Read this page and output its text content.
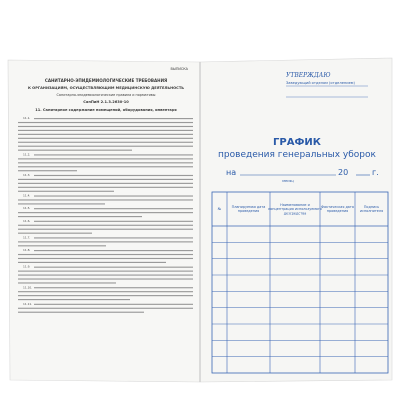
ВЫПИСКА
САНИТАРНО-ЭПИДЕМИОЛОГИЧЕСКИЕ ТРЕБОВАНИЯ
К ОРГАНИЗАЦИЯМ, ОСУЩЕСТВЛЯЮЩИМ МЕДИЦИНСКУЮ ДЕЯТЕЛЬНОСТЬ
Санитарно-эпидемиологические правила и нормативы
СанПиН 2.1.3.2630-10
11. Санитарное содержание помещений, оборудования, инвентаря
11.1.
11.2.
11.3.
11.4.
11.5.
11.6.
11.7.
11.8.
11.9.
11.10.
11.11.
УТВЕРЖДАЮ
Заведующий отделом (отделением)
ГРАФИК
проведения генеральных уборок
на
месяц
20	г.
№
Планируемая дата проведения
Наименование и концентрация используемого дезсредства
Фактическая дата проведения
Подпись исполнителя
